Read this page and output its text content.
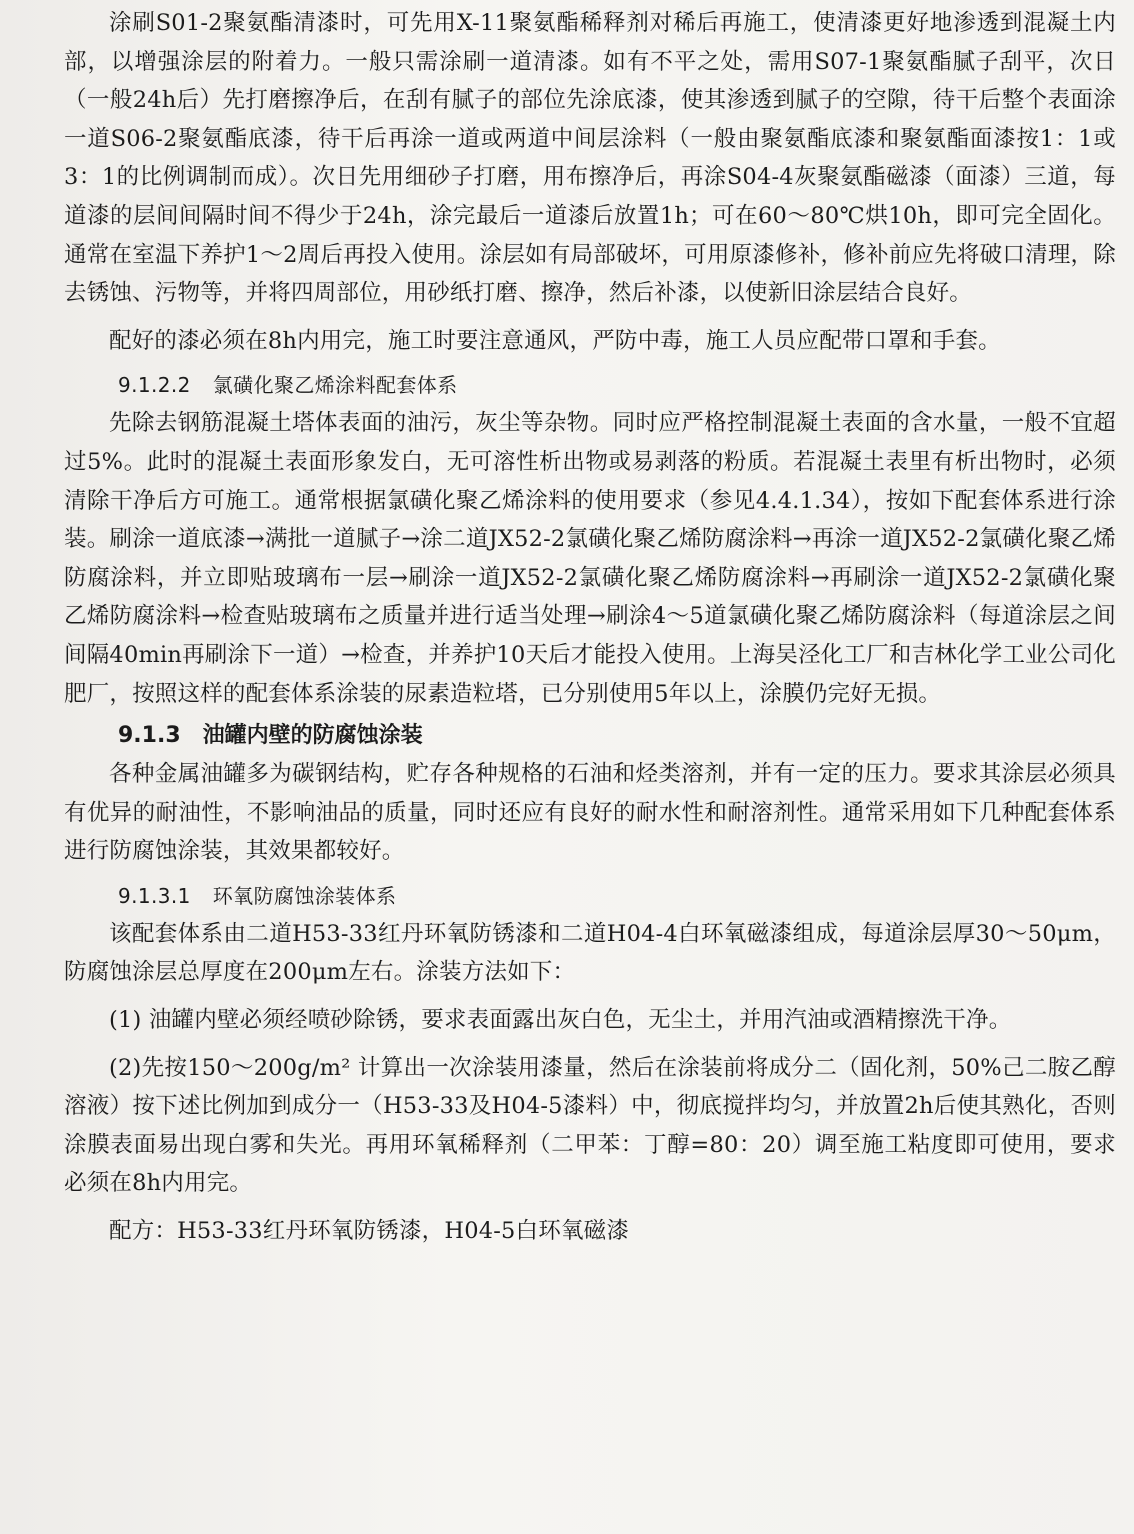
涂刷S01-2聚氨酯清漆时，可先用X-11聚氨酯稀释剂对稀后再施工，使清漆更好地渗透到混凝土内部，以增强涂层的附着力。一般只需涂刷一道清漆。如有不平之处，需用S07-1聚氨酯腻子刮平，次日（一般24h后）先打磨擦净后，在刮有腻子的部位先涂底漆，使其渗透到腻子的空隙，待干后整个表面涂一道S06-2聚氨酯底漆，待干后再涂一道或两道中间层涂料（一般由聚氨酯底漆和聚氨酯面漆按1：1或3：1的比例调制而成）。次日先用细砂子打磨，用布擦净后，再涂S04-4灰聚氨酯磁漆（面漆）三道，每道漆的层间间隔时间不得少于24h，涂完最后一道漆后放置1h；可在60～80℃烘10h，即可完全固化。通常在室温下养护1～2周后再投入使用。涂层如有局部破坏，可用原漆修补，修补前应先将破口清理，除去锈蚀、污物等，并将四周部位，用砂纸打磨、擦净，然后补漆，以使新旧涂层结合良好。

配好的漆必须在8h内用完，施工时要注意通风，严防中毒，施工人员应配带口罩和手套。

9.1.2.2 氯磺化聚乙烯涂料配套体系

先除去钢筋混凝土塔体表面的油污，灰尘等杂物。同时应严格控制混凝土表面的含水量，一般不宜超过5%。此时的混凝土表面形象发白，无可溶性析出物或易剥落的粉质。若混凝土表里有析出物时，必须清除干净后方可施工。通常根据氯磺化聚乙烯涂料的使用要求（参见4.4.1.34），按如下配套体系进行涂装。刷涂一道底漆→满批一道腻子→涂二道JX52-2氯磺化聚乙烯防腐涂料→再涂一道JX52-2氯磺化聚乙烯防腐涂料，并立即贴玻璃布一层→刷涂一道JX52-2氯磺化聚乙烯防腐涂料→再刷涂一道JX52-2氯磺化聚乙烯防腐涂料→检查贴玻璃布之质量并进行适当处理→刷涂4～5道氯磺化聚乙烯防腐涂料（每道涂层之间间隔40min再刷涂下一道）→检查，并养护10天后才能投入使用。上海吴泾化工厂和吉林化学工业公司化肥厂，按照这样的配套体系涂装的尿素造粒塔，已分别使用5年以上，涂膜仍完好无损。

9.1.3 油罐内壁的防腐蚀涂装

各种金属油罐多为碳钢结构，贮存各种规格的石油和烃类溶剂，并有一定的压力。要求其涂层必须具有优异的耐油性，不影响油品的质量，同时还应有良好的耐水性和耐溶剂性。通常采用如下几种配套体系进行防腐蚀涂装，其效果都较好。

9.1.3.1 环氧防腐蚀涂装体系

该配套体系由二道H53-33红丹环氧防锈漆和二道H04-4白环氧磁漆组成，每道涂层厚30～50μm，防腐蚀涂层总厚度在200μm左右。涂装方法如下：

(1) 油罐内壁必须经喷砂除锈，要求表面露出灰白色，无尘土，并用汽油或酒精擦洗干净。

(2)先按150～200g/m² 计算出一次涂装用漆量，然后在涂装前将成分二（固化剂，50%己二胺乙醇溶液）按下述比例加到成分一（H53-33及H04-5漆料）中，彻底搅拌均匀，并放置2h后使其熟化，否则涂膜表面易出现白雾和失光。再用环氧稀释剂（二甲苯：丁醇=80：20）调至施工粘度即可使用，要求必须在8h内用完。

配方：H53-33红丹环氧防锈漆，H04-5白环氧磁漆
